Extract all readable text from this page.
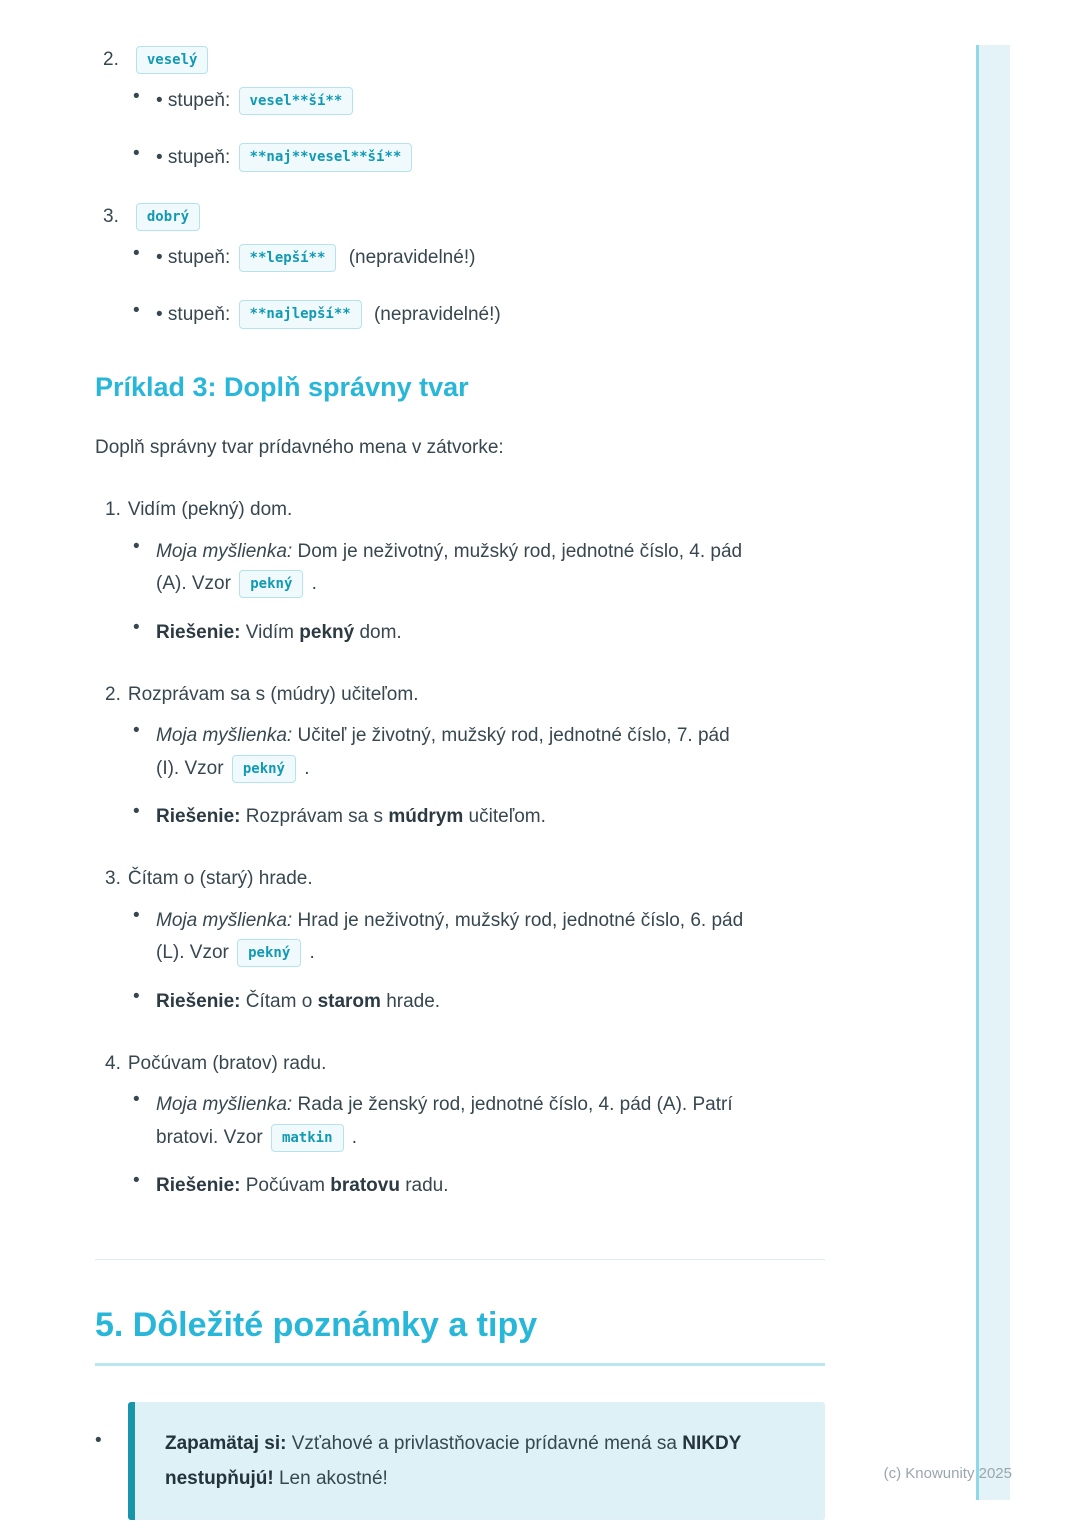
2.	veselý
•
• stupeň: vesel**ší**
•
• stupeň: **naj**vesel**ší**
3.	dobrý
•
• stupeň: **lepší** (nepravidelné!)
•
• stupeň: **najlepší** (nepravidelné!)
Príklad 3: Doplň správny tvar

Doplň správny tvar prídavného mena v zátvorke:

1. Vidím (pekný) dom.
•
Moja myšlienka: Dom je neživotný, mužský rod, jednotné číslo, 4. pád (A). Vzor pekný .
•
Riešenie: Vidím pekný dom.
2. Rozprávam sa s (múdry) učiteľom.
•
Moja myšlienka: Učiteľ je životný, mužský rod, jednotné číslo, 7. pád (I). Vzor pekný .
•
Riešenie: Rozprávam sa s múdrym učiteľom.
3. Čítam o (starý) hrade.
•
Moja myšlienka: Hrad je neživotný, mužský rod, jednotné číslo, 6. pád (L). Vzor pekný .
•
Riešenie: Čítam o starom hrade.
4. Počúvam (bratov) radu.
•
Moja myšlienka: Rada je ženský rod, jednotné číslo, 4. pád (A). Patrí bratovi. Vzor matkin .
•
Riešenie: Počúvam bratovu radu.
5. Dôležité poznámky a tipy
•
Zapamätaj si: Vzťahové a privlastňovacie prídavné mená sa NIKDY nestupňujú! Len akostné!	(c) Knowunity 2025
